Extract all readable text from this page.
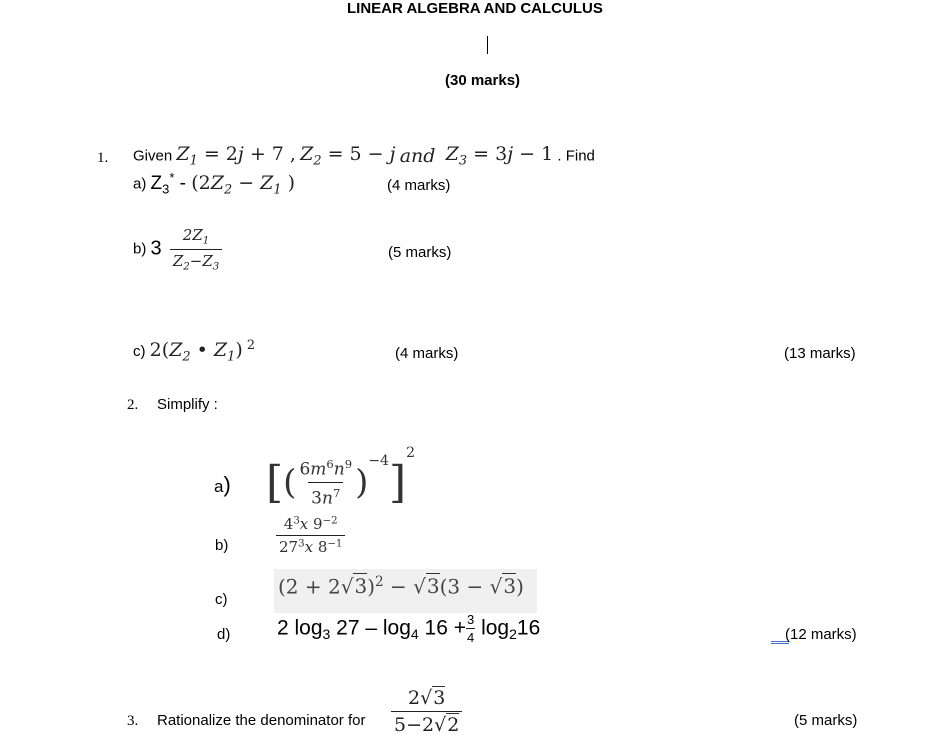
LINEAR ALGEBRA AND CALCULUS
(30 marks)
1. Given $Z_1 = 2j + 7$ , $Z_2 = 5 - j$ and  $Z_3 = 3j - 1$ . Find
a) $Z_3^* - (2Z_2 - Z_1$ )	(4 marks)
b) $3 \frac{2Z_1}{Z_2-Z_3}$	(5 marks)
c) $2(Z_2$ • $Z_1$) $^2$	(4 marks)	(13 marks)
2. Simplify :
a) [( $\frac{6m^6n^9}{3n^7} )^{-4}]^2$
b)	$\frac{4^3x 9^{-2}}{27^3x 8^{-1}}$
c)
$(2 + 2√3)^2 - √3(3 - √3)$
d) 2 $\log_3 27 - \log_4 16 + \frac{3}{4} \log_216$	(12 marks)
3. Rationalize the denominator for $\frac{2√3}{5-2√2}$	(5 marks)
